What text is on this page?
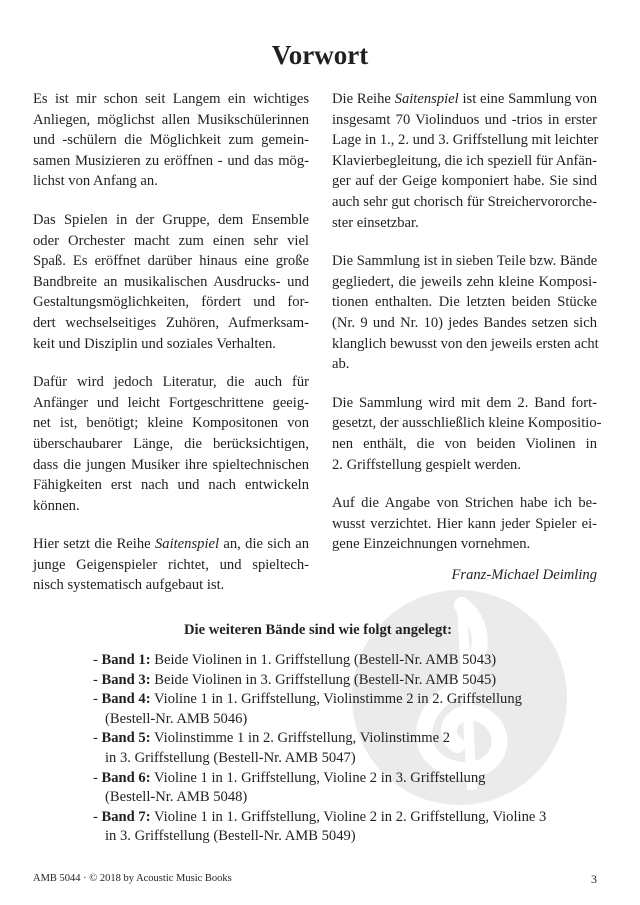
Vorwort
Es ist mir schon seit Langem ein wichtiges
Anliegen, möglichst allen Musikschülerinnen
und -schülern die Möglichkeit zum gemein-
samen Musizieren zu eröffnen - und das mög-
lichst von Anfang an.
Das Spielen in der Gruppe, dem Ensemble
oder Orchester macht zum einen sehr viel
Spaß. Es eröffnet darüber hinaus eine große
Bandbreite an musikalischen Ausdrucks- und
Gestaltungsmöglichkeiten, fördert und for-
dert wechselseitiges Zuhören, Aufmerksam-
keit und Disziplin und soziales Verhalten.
Dafür wird jedoch Literatur, die auch für
Anfänger und leicht Fortgeschrittene geeig-
net ist, benötigt; kleine Kompositonen von
überschaubarer Länge, die berücksichtigen,
dass die jungen Musiker ihre spieltechnischen
Fähigkeiten erst nach und nach entwickeln
können.
Hier setzt die Reihe Saitenspiel an, die sich an
junge Geigenspieler richtet, und spieltech-
nisch systematisch aufgebaut ist.
Die Reihe Saitenspiel ist eine Sammlung von
insgesamt 70 Violinduos und -trios in erster
Lage in 1., 2. und 3. Griffstellung mit leichter
Klavierbegleitung, die ich speziell für Anfän-
ger auf der Geige komponiert habe. Sie sind
auch sehr gut chorisch für Streichervororche-
ster einsetzbar.
Die Sammlung ist in sieben Teile bzw. Bände
gegliedert, die jeweils zehn kleine Komposi-
tionen enthalten. Die letzten beiden Stücke
(Nr. 9 und Nr. 10) jedes Bandes setzen sich
klanglich bewusst von den jeweils ersten acht
ab.
Die Sammlung wird mit dem 2. Band fort-
gesetzt, der ausschließlich kleine Kompositio-
nen enthält, die von beiden Violinen in
2. Griffstellung gespielt werden.
Auf die Angabe von Strichen habe ich be-
wusst verzichtet. Hier kann jeder Spieler ei-
gene Einzeichnungen vornehmen.
Franz-Michael Deimling
Die weiteren Bände sind wie folgt angelegt:
- Band 1: Beide Violinen in 1. Griffstellung (Bestell-Nr. AMB 5043)
- Band 3: Beide Violinen in 3. Griffstellung (Bestell-Nr. AMB 5045)
- Band 4: Violine 1 in 1. Griffstellung, Violinstimme 2 in 2. Griffstellung
(Bestell-Nr. AMB 5046)
- Band 5: Violinstimme 1 in 2. Griffstellung, Violinstimme 2
in 3. Griffstellung (Bestell-Nr. AMB 5047)
- Band 6: Violine 1 in 1. Griffstellung, Violine 2 in 3. Griffstellung
(Bestell-Nr. AMB 5048)
- Band 7: Violine 1 in 1. Griffstellung, Violine 2 in 2. Griffstellung, Violine 3
in 3. Griffstellung (Bestell-Nr. AMB 5049)
AMB 5044 · © 2018 by Acoustic Music Books	3
